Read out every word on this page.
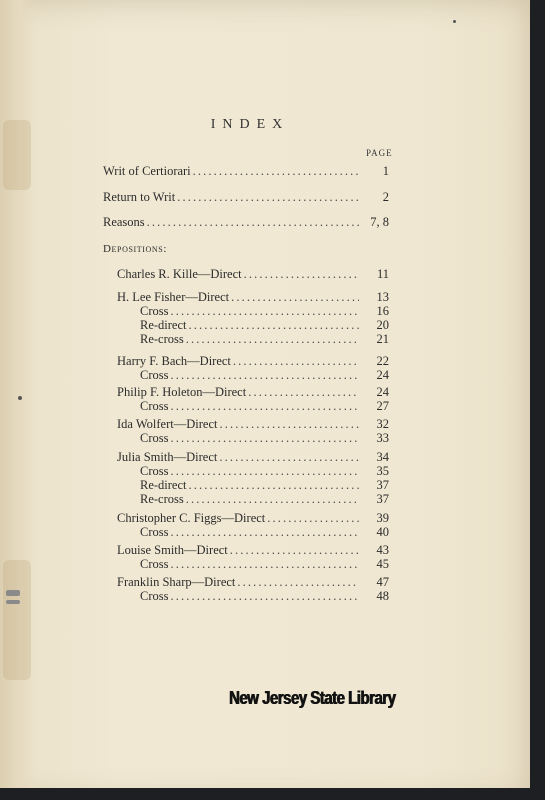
INDEX
PAGE
Writ of Certiorari . . .	1
Return to Writ . . .	2
Reasons . . .	7, 8
Depositions:
Charles R. Kille—Direct . . .	11
H. Lee Fisher—Direct . . .	13
Cross . . .	16
Re-direct . . .	20
Re-cross . . .	21
Harry F. Bach—Direct . . .	22
Cross . . .	24
Philip F. Holeton—Direct . . .	24
Cross . . .	27
Ida Wolfert—Direct . . .	32
Cross . . .	33
Julia Smith—Direct . . .	34
Cross . . .	35
Re-direct . . .	37
Re-cross . . .	37
Christopher C. Figgs—Direct . . .	39
Cross . . .	40
Louise Smith—Direct . . .	43
Cross . . .	45
Franklin Sharp—Direct . . .	47
Cross . . .	48
New Jersey State Library
